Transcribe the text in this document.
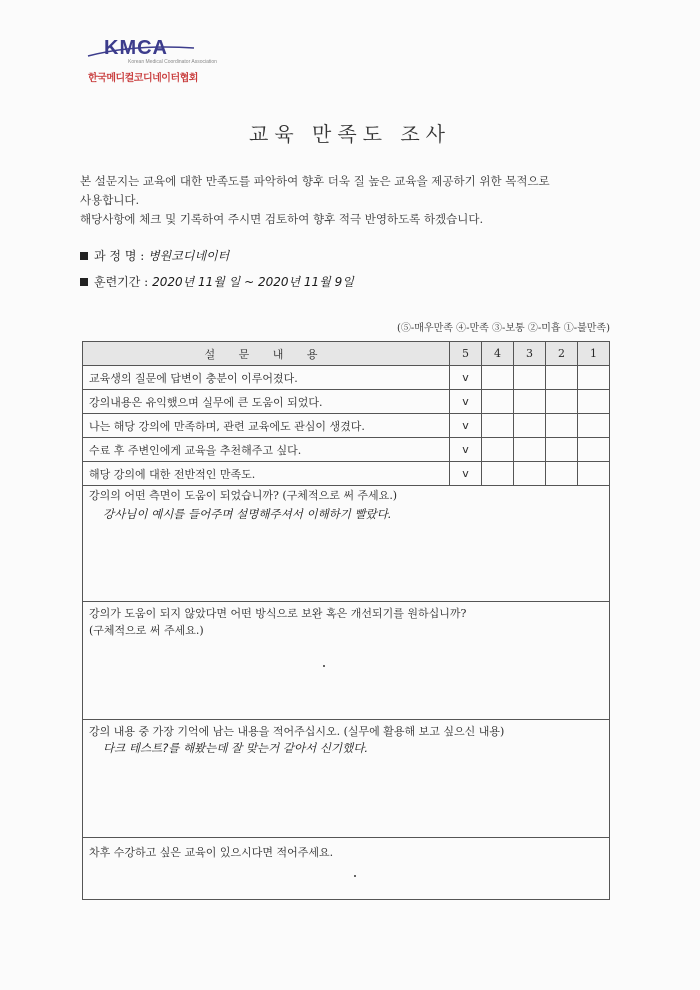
KMCA
Korean Medical Coordinator Association
한국메디컬코디네이터협회
교육 만족도 조사

본 설문지는 교육에 대한 만족도를 파악하여 향후 더욱 질 높은 교육을 제공하기 위한 목적으로

사용합니다.

해당사항에 체크 및 기록하여 주시면 검토하여 향후 적극 반영하도록 하겠습니다.

과 정 명 : 병원코디네이터
훈련기간 : 2020년 11월 일 ~ 2020년 11월 9일
(⑤-매우만족 ④-만족 ③-보통 ②-미흡 ①-불만족)
설 문 내 용	5	4	3	2	1
교육생의 질문에 답변이 충분이 이루어졌다.	v				
강의내용은 유익했으며 실무에 큰 도움이 되었다.	v				
나는 해당 강의에 만족하며, 관련 교육에도 관심이 생겼다.	v				
수료 후 주변인에게 교육을 추천해주고 싶다.	v				
해당 강의에 대한 전반적인 만족도.	v				
강의의 어떤 측면이 도움이 되었습니까? (구체적으로 써 주세요.)
강사님이 예시를 들어주며 설명해주셔서 이해하기 빨랐다.
강의가 도움이 되지 않았다면 어떤 방식으로 보완 혹은 개선되기를 원하십니까?
(구체적으로 써 주세요.)
강의 내용 중 가장 기억에 남는 내용을 적어주십시오. (실무에 활용해 보고 싶으신 내용)
다크 테스트?를 해봤는데 잘 맞는거 같아서 신기했다.
차후 수강하고 싶은 교육이 있으시다면 적어주세요.
